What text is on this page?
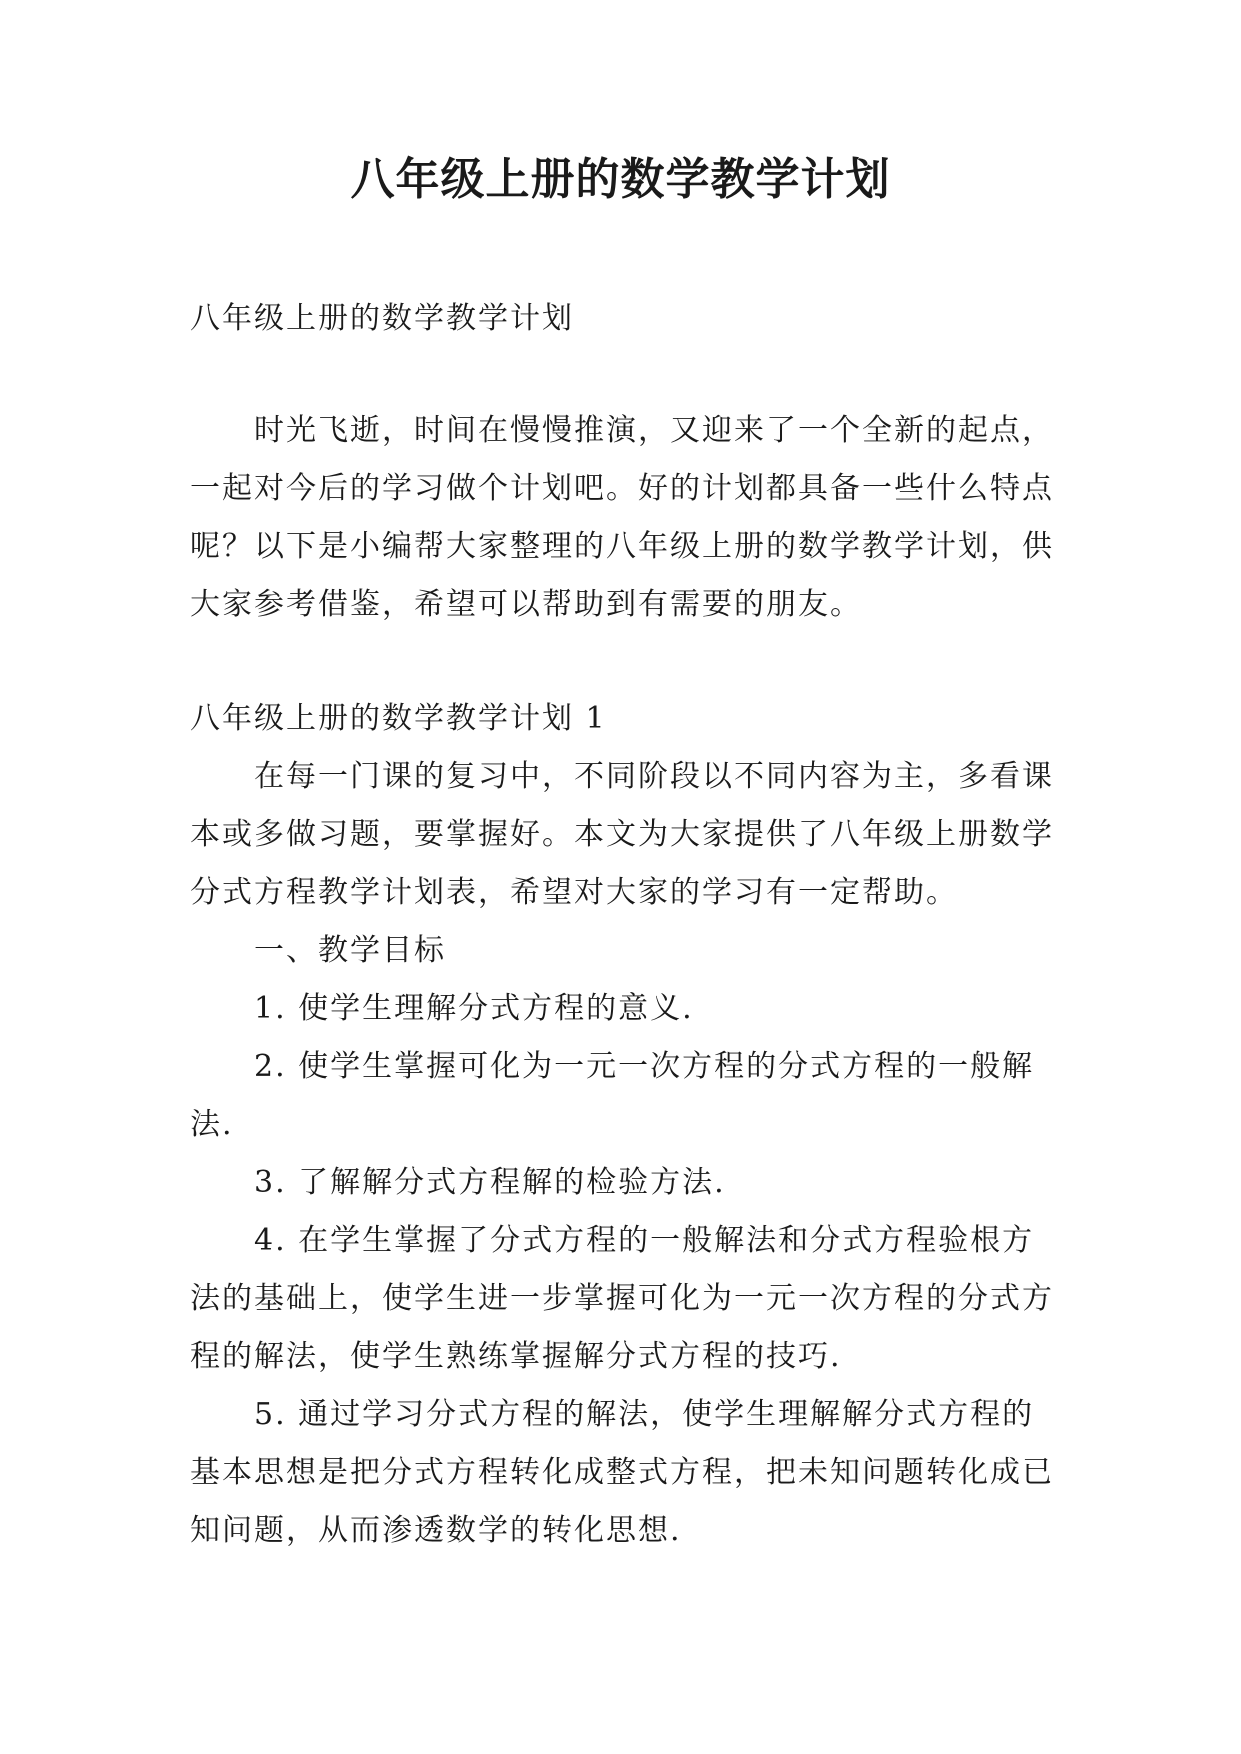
八年级上册的数学教学计划

八年级上册的数学教学计划

时光飞逝，时间在慢慢推演，又迎来了一个全新的起点，一起对今后的学习做个计划吧。好的计划都具备一些什么特点呢？以下是小编帮大家整理的八年级上册的数学教学计划，供大家参考借鉴，希望可以帮助到有需要的朋友。

八年级上册的数学教学计划 1

在每一门课的复习中，不同阶段以不同内容为主，多看课本或多做习题，要掌握好。本文为大家提供了八年级上册数学分式方程教学计划表，希望对大家的学习有一定帮助。

一、教学目标

1. 使学生理解分式方程的意义.

2. 使学生掌握可化为一元一次方程的分式方程的一般解法.

3. 了解解分式方程解的检验方法.

4. 在学生掌握了分式方程的一般解法和分式方程验根方法的基础上，使学生进一步掌握可化为一元一次方程的分式方程的解法，使学生熟练掌握解分式方程的技巧.

5. 通过学习分式方程的解法，使学生理解解分式方程的基本思想是把分式方程转化成整式方程，把未知问题转化成已知问题，从而渗透数学的转化思想.
